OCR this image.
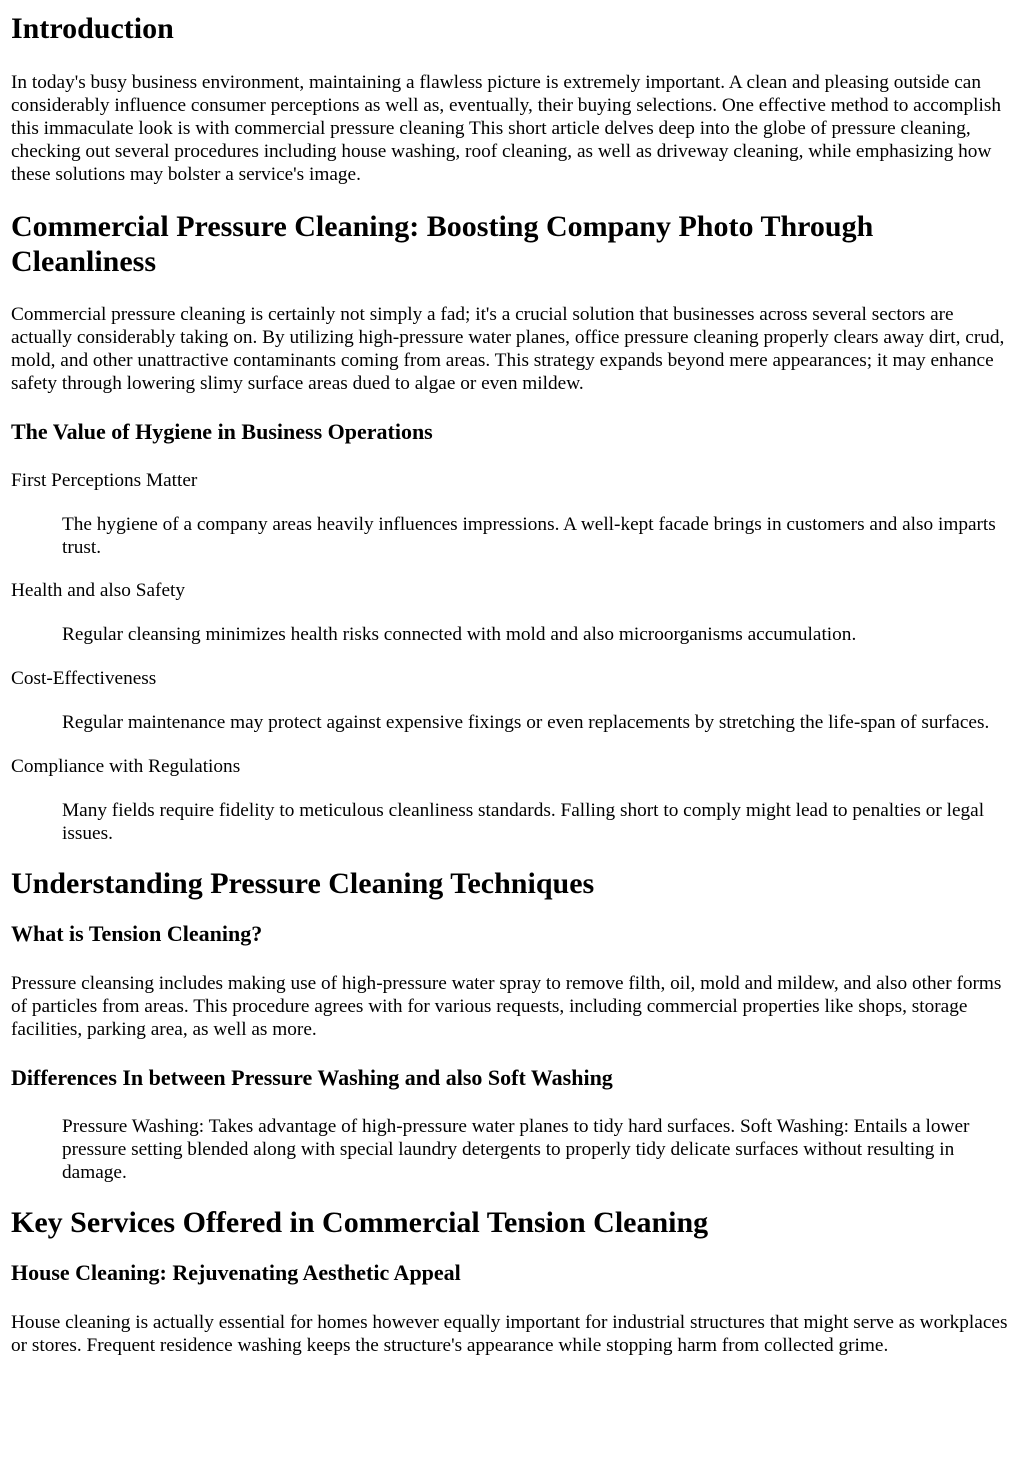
Introduction

In today's busy business environment, maintaining a flawless picture is extremely important. A clean and pleasing outside can considerably influence consumer perceptions as well as, eventually, their buying selections. One effective method to accomplish this immaculate look is with commercial pressure cleaning This short article delves deep into the globe of pressure cleaning, checking out several procedures including house washing, roof cleaning, as well as driveway cleaning, while emphasizing how these solutions may bolster a service's image.

Commercial Pressure Cleaning: Boosting Company Photo Through Cleanliness

Commercial pressure cleaning is certainly not simply a fad; it's a crucial solution that businesses across several sectors are actually considerably taking on. By utilizing high-pressure water planes, office pressure cleaning properly clears away dirt, crud, mold, and other unattractive contaminants coming from areas. This strategy expands beyond mere appearances; it may enhance safety through lowering slimy surface areas dued to algae or even mildew.

The Value of Hygiene in Business Operations
First Perceptions Matter
The hygiene of a company areas heavily influences impressions. A well-kept facade brings in customers and also imparts trust.
Health and also Safety
Regular cleansing minimizes health risks connected with mold and also microorganisms accumulation.
Cost-Effectiveness
Regular maintenance may protect against expensive fixings or even replacements by stretching the life-span of surfaces.
Compliance with Regulations
Many fields require fidelity to meticulous cleanliness standards. Falling short to comply might lead to penalties or legal issues.
Understanding Pressure Cleaning Techniques
What is Tension Cleaning?

Pressure cleansing includes making use of high-pressure water spray to remove filth, oil, mold and mildew, and also other forms of particles from areas. This procedure agrees with for various requests, including commercial properties like shops, storage facilities, parking area, as well as more.

Differences In between Pressure Washing and also Soft Washing
Pressure Washing: Takes advantage of high-pressure water planes to tidy hard surfaces. Soft Washing: Entails a lower pressure setting blended along with special laundry detergents to properly tidy delicate surfaces without resulting in damage.
Key Services Offered in Commercial Tension Cleaning
House Cleaning: Rejuvenating Aesthetic Appeal

House cleaning is actually essential for homes however equally important for industrial structures that might serve as workplaces or stores. Frequent residence washing keeps the structure's appearance while stopping harm from collected grime.
